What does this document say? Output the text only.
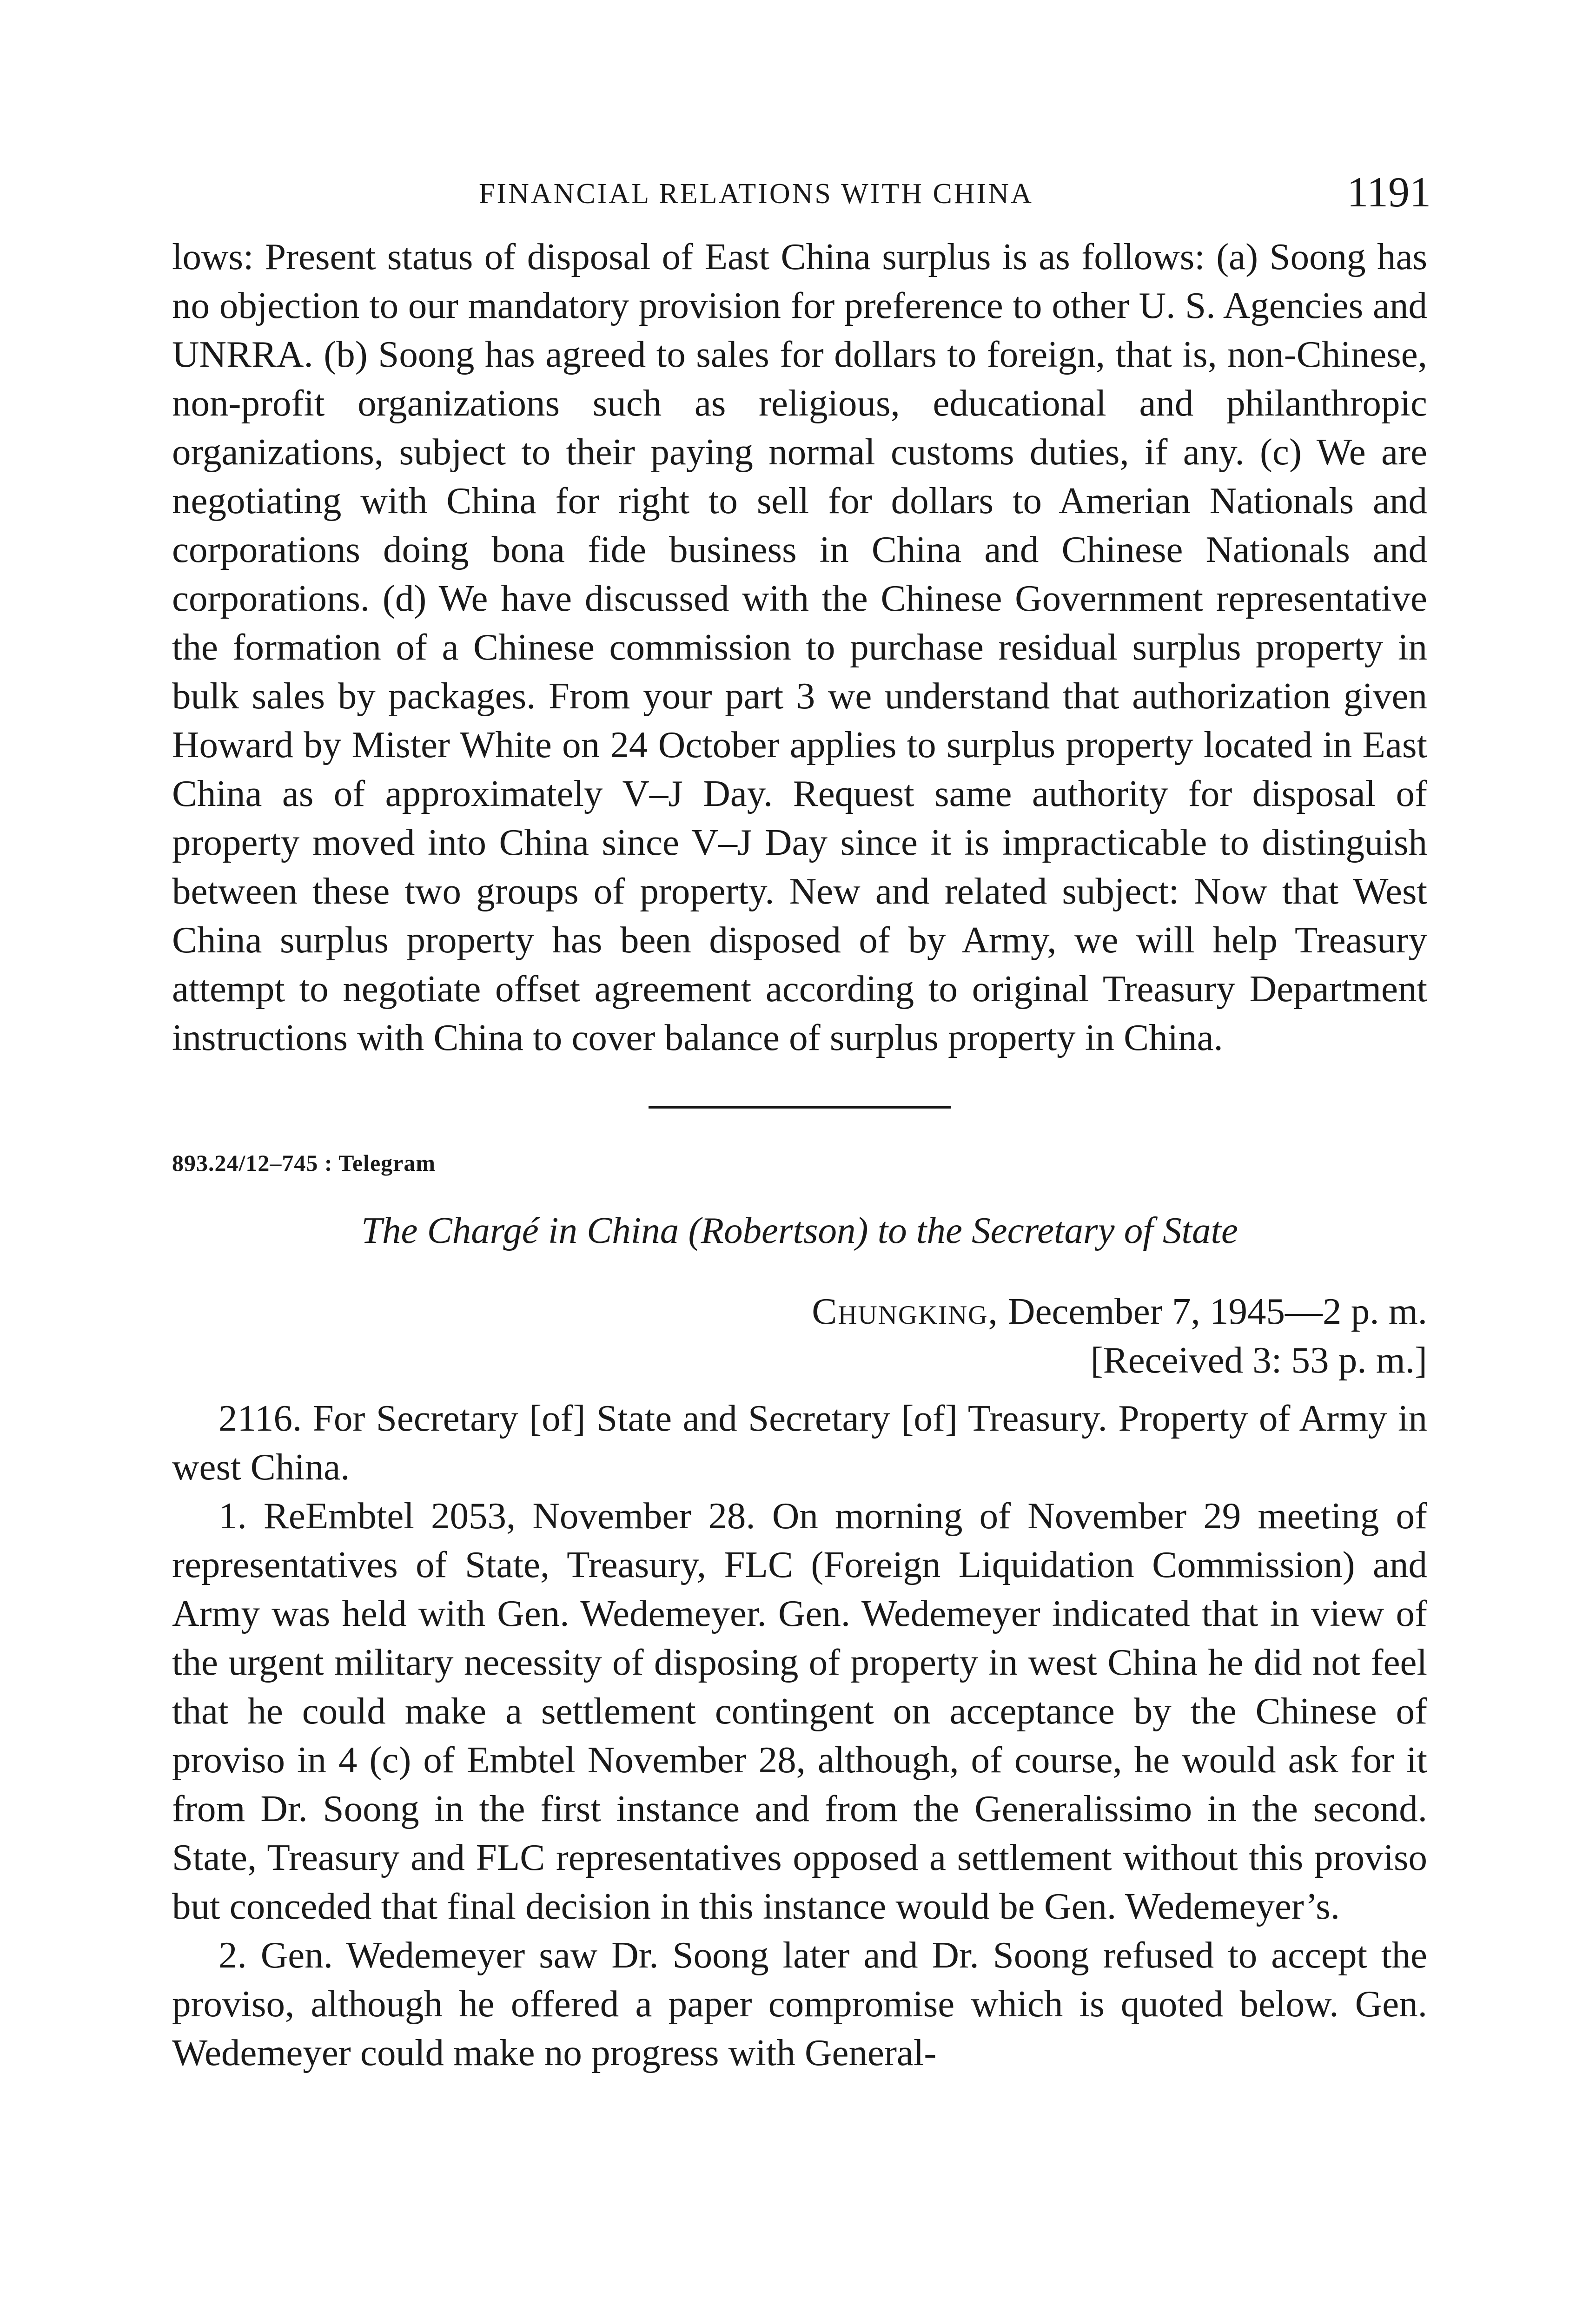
FINANCIAL RELATIONS WITH CHINA	1191

lows: Present status of disposal of East China surplus is as follows: (a) Soong has no objection to our mandatory provision for preference to other U. S. Agencies and UNRRA. (b) Soong has agreed to sales for dollars to foreign, that is, non-Chinese, non-profit organizations such as religious, educational and philanthropic organizations, subject to their paying normal customs duties, if any. (c) We are negotiating with China for right to sell for dollars to Amerian Nationals and corporations doing bona fide business in China and Chinese Nationals and corporations. (d) We have discussed with the Chinese Government representative the formation of a Chinese commission to purchase residual surplus property in bulk sales by packages. From your part 3 we understand that authorization given Howard by Mister White on 24 October applies to surplus property located in East China as of approximately V–J Day. Request same authority for disposal of property moved into China since V–J Day since it is impracticable to distinguish between these two groups of property. New and related subject: Now that West China surplus property has been disposed of by Army, we will help Treasury attempt to negotiate offset agreement according to original Treasury Department instructions with China to cover balance of surplus property in China.

893.24/12–745 : Telegram
The Chargé in China (Robertson) to the Secretary of State
Chungking, December 7, 1945—2 p. m.
[Received 3: 53 p. m.]

2116. For Secretary [of] State and Secretary [of] Treasury. Property of Army in west China.

1. ReEmbtel 2053, November 28. On morning of November 29 meeting of representatives of State, Treasury, FLC (Foreign Liquidation Commission) and Army was held with Gen. Wedemeyer. Gen. Wedemeyer indicated that in view of the urgent military necessity of disposing of property in west China he did not feel that he could make a settlement contingent on acceptance by the Chinese of proviso in 4 (c) of Embtel November 28, although, of course, he would ask for it from Dr. Soong in the first instance and from the Generalissimo in the second. State, Treasury and FLC representatives opposed a settlement without this proviso but conceded that final decision in this instance would be Gen. Wedemeyer’s.

2. Gen. Wedemeyer saw Dr. Soong later and Dr. Soong refused to accept the proviso, although he offered a paper compromise which is quoted below. Gen. Wedemeyer could make no progress with General-
